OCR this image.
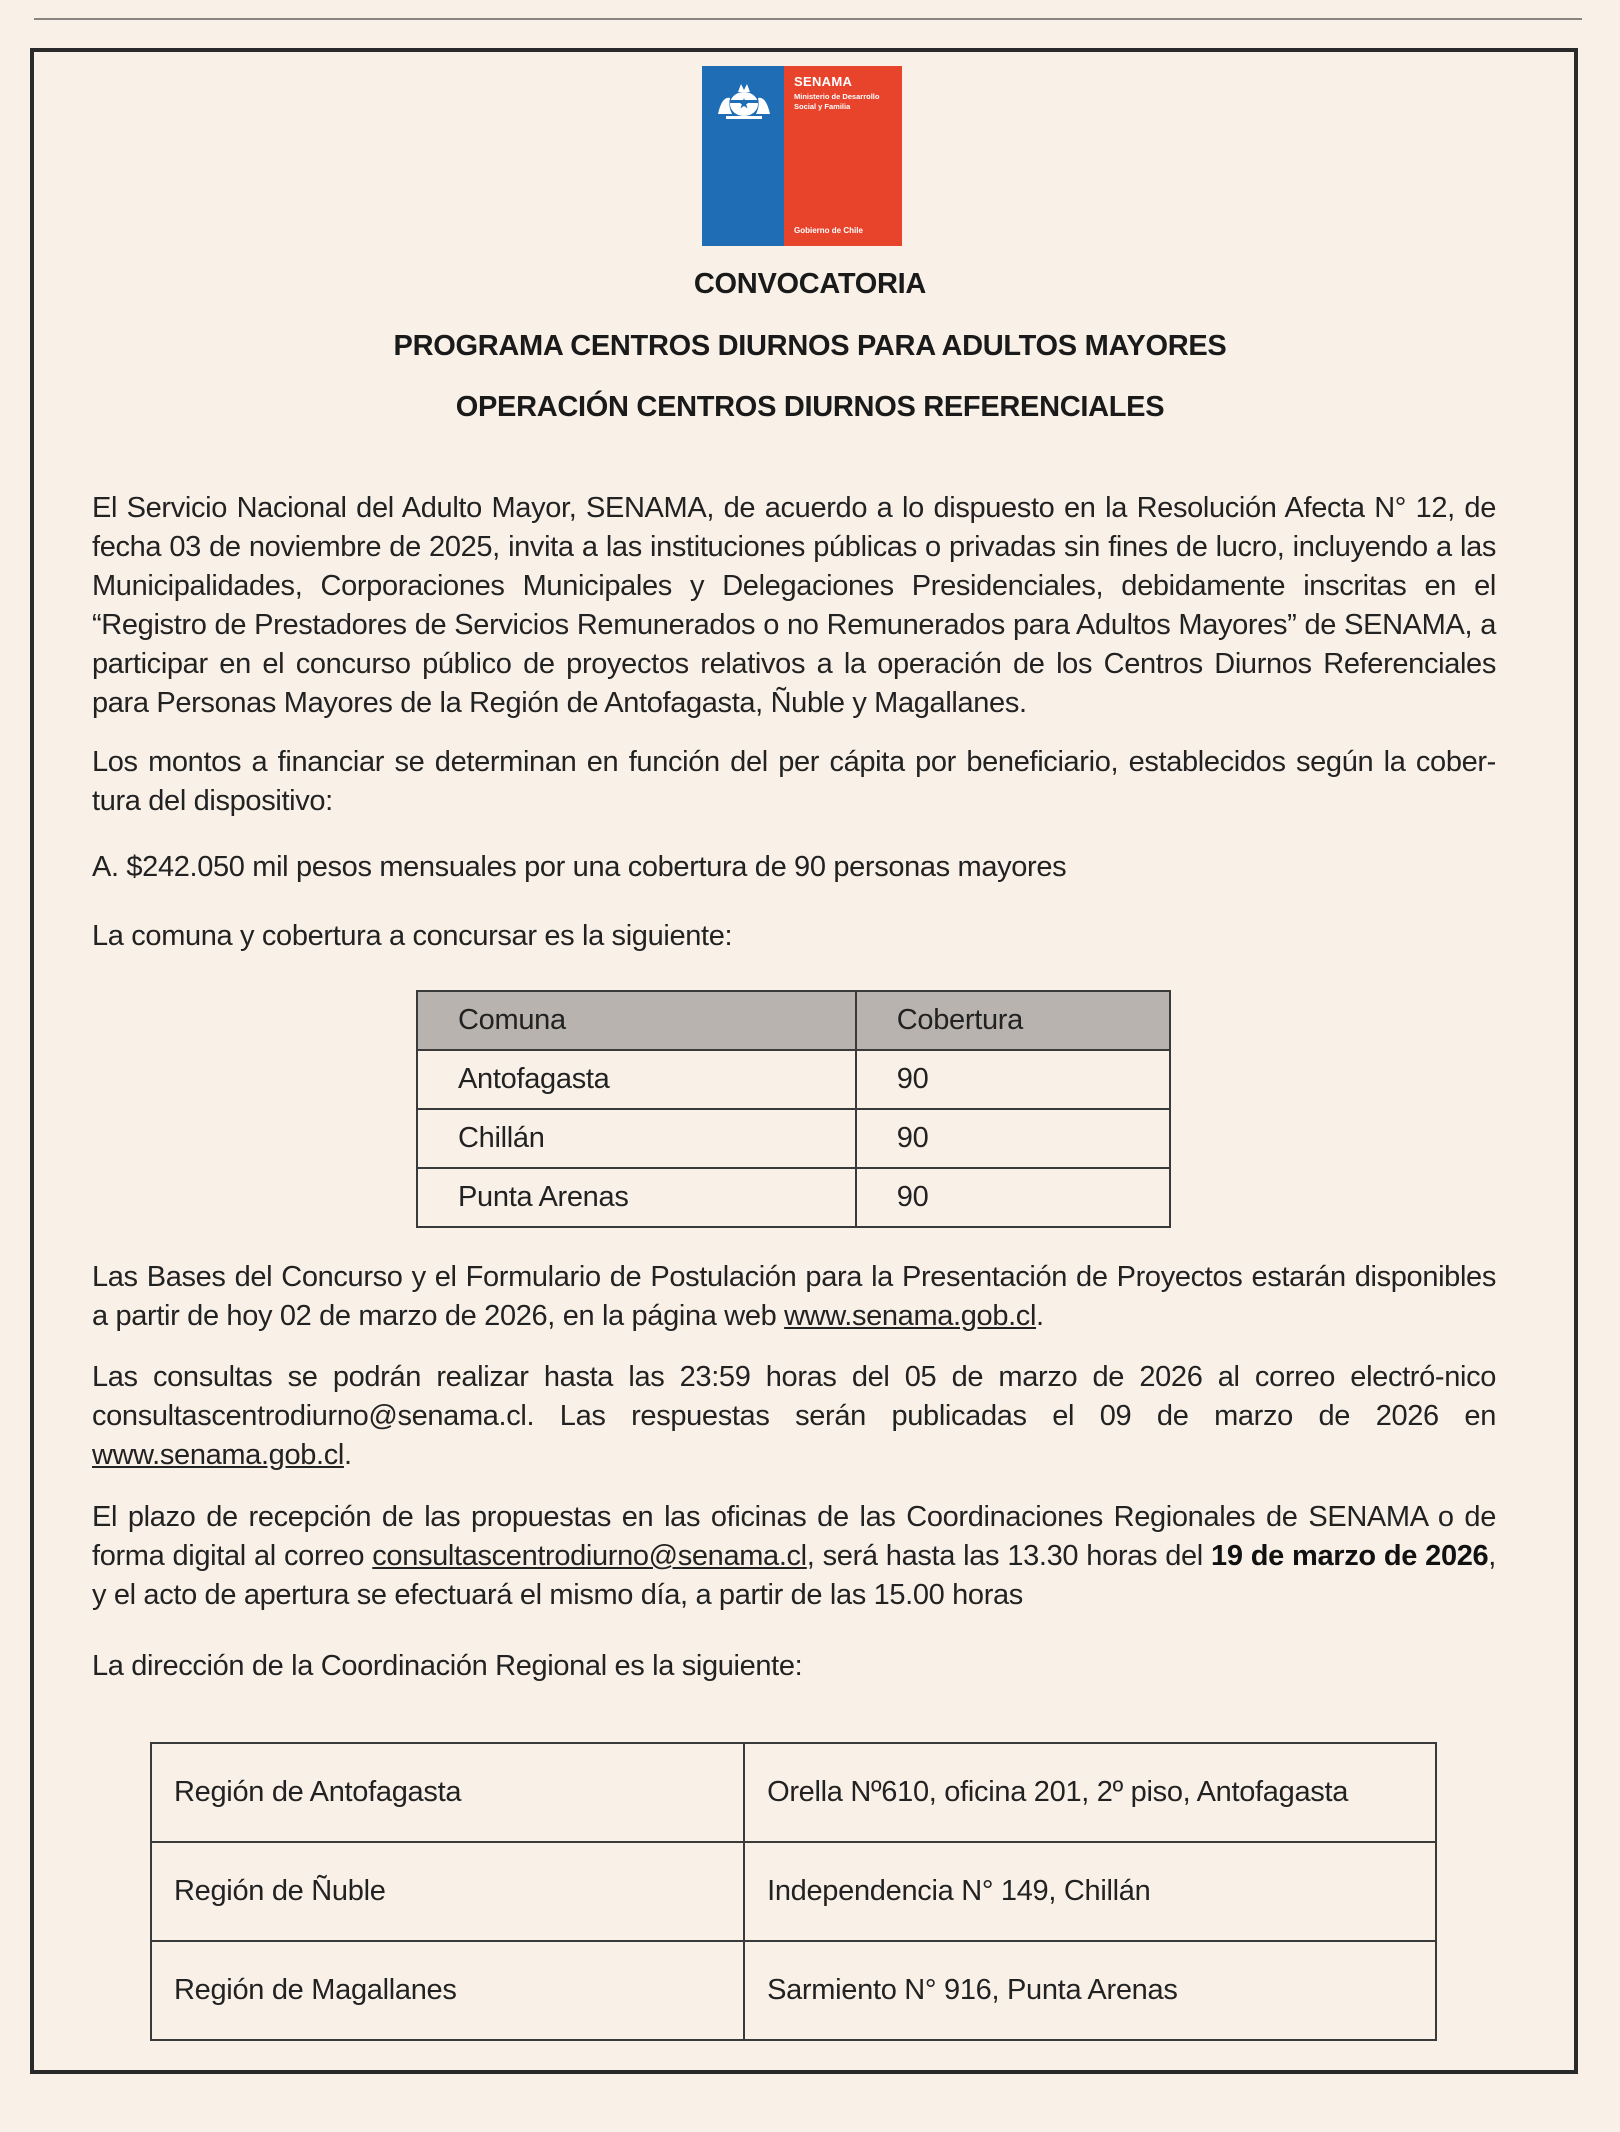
SENAMA
Ministerio de Desarrollo Social y Familia
Gobierno de Chile
CONVOCATORIA
PROGRAMA CENTROS DIURNOS PARA ADULTOS MAYORES
OPERACIÓN CENTROS DIURNOS REFERENCIALES
El Servicio Nacional del Adulto Mayor, SENAMA, de acuerdo a lo dispuesto en la Resolución Afecta N° 12, de fecha 03 de noviembre de 2025, invita a las instituciones públicas o privadas sin fines de lucro, incluyendo a las Municipalidades, Corporaciones Municipales y Delegaciones Presidenciales, debidamente inscritas en el “Registro de Prestadores de Servicios Remunerados o no Remunerados para Adultos Mayores” de SENAMA, a participar en el concurso público de proyectos relativos a la operación de los Centros Diurnos Referenciales para Personas Mayores de la Región de Antofagasta, Ñuble y Magallanes.
Los montos a financiar se determinan en función del per cápita por beneficiario, establecidos según la cober-tura del dispositivo:
A. $242.050 mil pesos mensuales por una cobertura de 90 personas mayores
La comuna y cobertura a concursar es la siguiente:
Comuna	Cobertura
Antofagasta	90
Chillán	90
Punta Arenas	90
Las Bases del Concurso y el Formulario de Postulación para la Presentación de Proyectos estarán disponibles a partir de hoy 02 de marzo de 2026, en la página web www.senama.gob.cl.
Las consultas se podrán realizar hasta las 23:59 horas del 05 de marzo de 2026 al correo electró-nico consultascentrodiurno@senama.cl. Las respuestas serán publicadas el 09 de marzo de 2026 en www.senama.gob.cl.
El plazo de recepción de las propuestas en las oficinas de las Coordinaciones Regionales de SENAMA o de forma digital al correo consultascentrodiurno@senama.cl, será hasta las 13.30 horas del 19 de marzo de 2026, y el acto de apertura se efectuará el mismo día, a partir de las 15.00 horas
La dirección de la Coordinación Regional es la siguiente:
Región de Antofagasta	Orella Nº610, oficina 201, 2º piso, Antofagasta
Región de Ñuble	Independencia N° 149, Chillán
Región de Magallanes	Sarmiento N° 916, Punta Arenas
